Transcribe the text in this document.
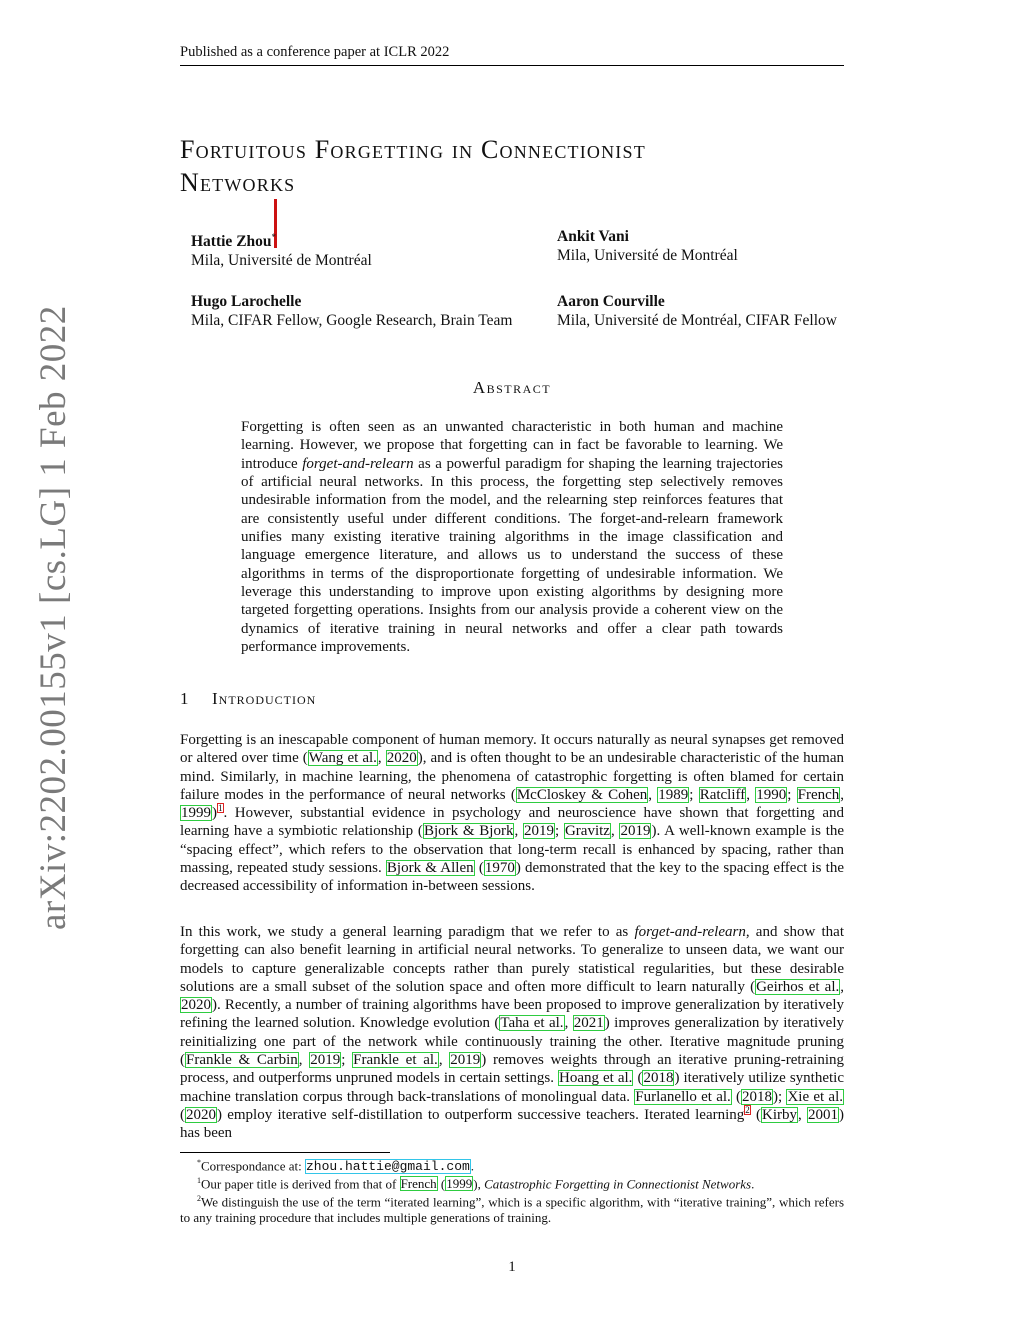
Published as a conference paper at ICLR 2022
Fortuitous Forgetting in Connectionist
Networks
Hattie Zhou*
Mila, Université de Montréal
Ankit Vani
Mila, Université de Montréal
Hugo Larochelle
Mila, CIFAR Fellow, Google Research, Brain Team
Aaron Courville
Mila, Université de Montréal, CIFAR Fellow
arXiv:2202.00155v1 [cs.LG] 1 Feb 2022	Abstract
Forgetting is often seen as an unwanted characteristic in both human and machine learning. However, we propose that forgetting can in fact be favorable to learning. We introduce forget-and-relearn as a powerful paradigm for shaping the learning trajectories of artificial neural networks. In this process, the forgetting step selectively removes undesirable information from the model, and the relearning step reinforces features that are consistently useful under different conditions. The forget-and-relearn framework unifies many existing iterative training algorithms in the image classification and language emergence literature, and allows us to understand the success of these algorithms in terms of the disproportionate forgetting of undesirable information. We leverage this understanding to improve upon existing algorithms by designing more targeted forgetting operations. Insights from our analysis provide a coherent view on the dynamics of iterative training in neural networks and offer a clear path towards performance improvements.
1 Introduction

Forgetting is an inescapable component of human memory. It occurs naturally as neural synapses get removed or altered over time (Wang et al., 2020), and is often thought to be an undesirable characteristic of the human mind. Similarly, in machine learning, the phenomena of catastrophic forgetting is often blamed for certain failure modes in the performance of neural networks (McCloskey & Cohen, 1989; Ratcliff, 1990; French, 1999)$^1$. However, substantial evidence in psychology and neuroscience have shown that forgetting and learning have a symbiotic relationship (Bjork & Bjork, 2019; Gravitz, 2019). A well-known example is the “spacing effect”, which refers to the observation that long-term recall is enhanced by spacing, rather than massing, repeated study sessions. Bjork & Allen (1970) demonstrated that the key to the spacing effect is the decreased accessibility of information in-between sessions.

In this work, we study a general learning paradigm that we refer to as forget-and-relearn, and show that forgetting can also benefit learning in artificial neural networks. To generalize to unseen data, we want our models to capture generalizable concepts rather than purely statistical regularities, but these desirable solutions are a small subset of the solution space and often more difficult to learn naturally (Geirhos et al., 2020). Recently, a number of training algorithms have been proposed to improve generalization by iteratively refining the learned solution. Knowledge evolution (Taha et al., 2021) improves generalization by iteratively reinitializing one part of the network while continuously training the other. Iterative magnitude pruning (Frankle & Carbin, 2019; Frankle et al., 2019) removes weights through an iterative pruning-retraining process, and outperforms unpruned models in certain settings. Hoang et al. (2018) iteratively utilize synthetic machine translation corpus through back-translations of monolingual data. Furlanello et al. (2018); Xie et al. (2020) employ iterative self-distillation to outperform successive teachers. Iterated learning$^2$ (Kirby, 2001) has been

*Correspondance at: zhou.hattie@gmail.com.
$^1$Our paper title is derived from that of French (1999), Catastrophic Forgetting in Connectionist Networks.
$^2$We distinguish the use of the term “iterated learning”, which is a specific algorithm, with “iterative training”, which refers to any training procedure that includes multiple generations of training.
1
